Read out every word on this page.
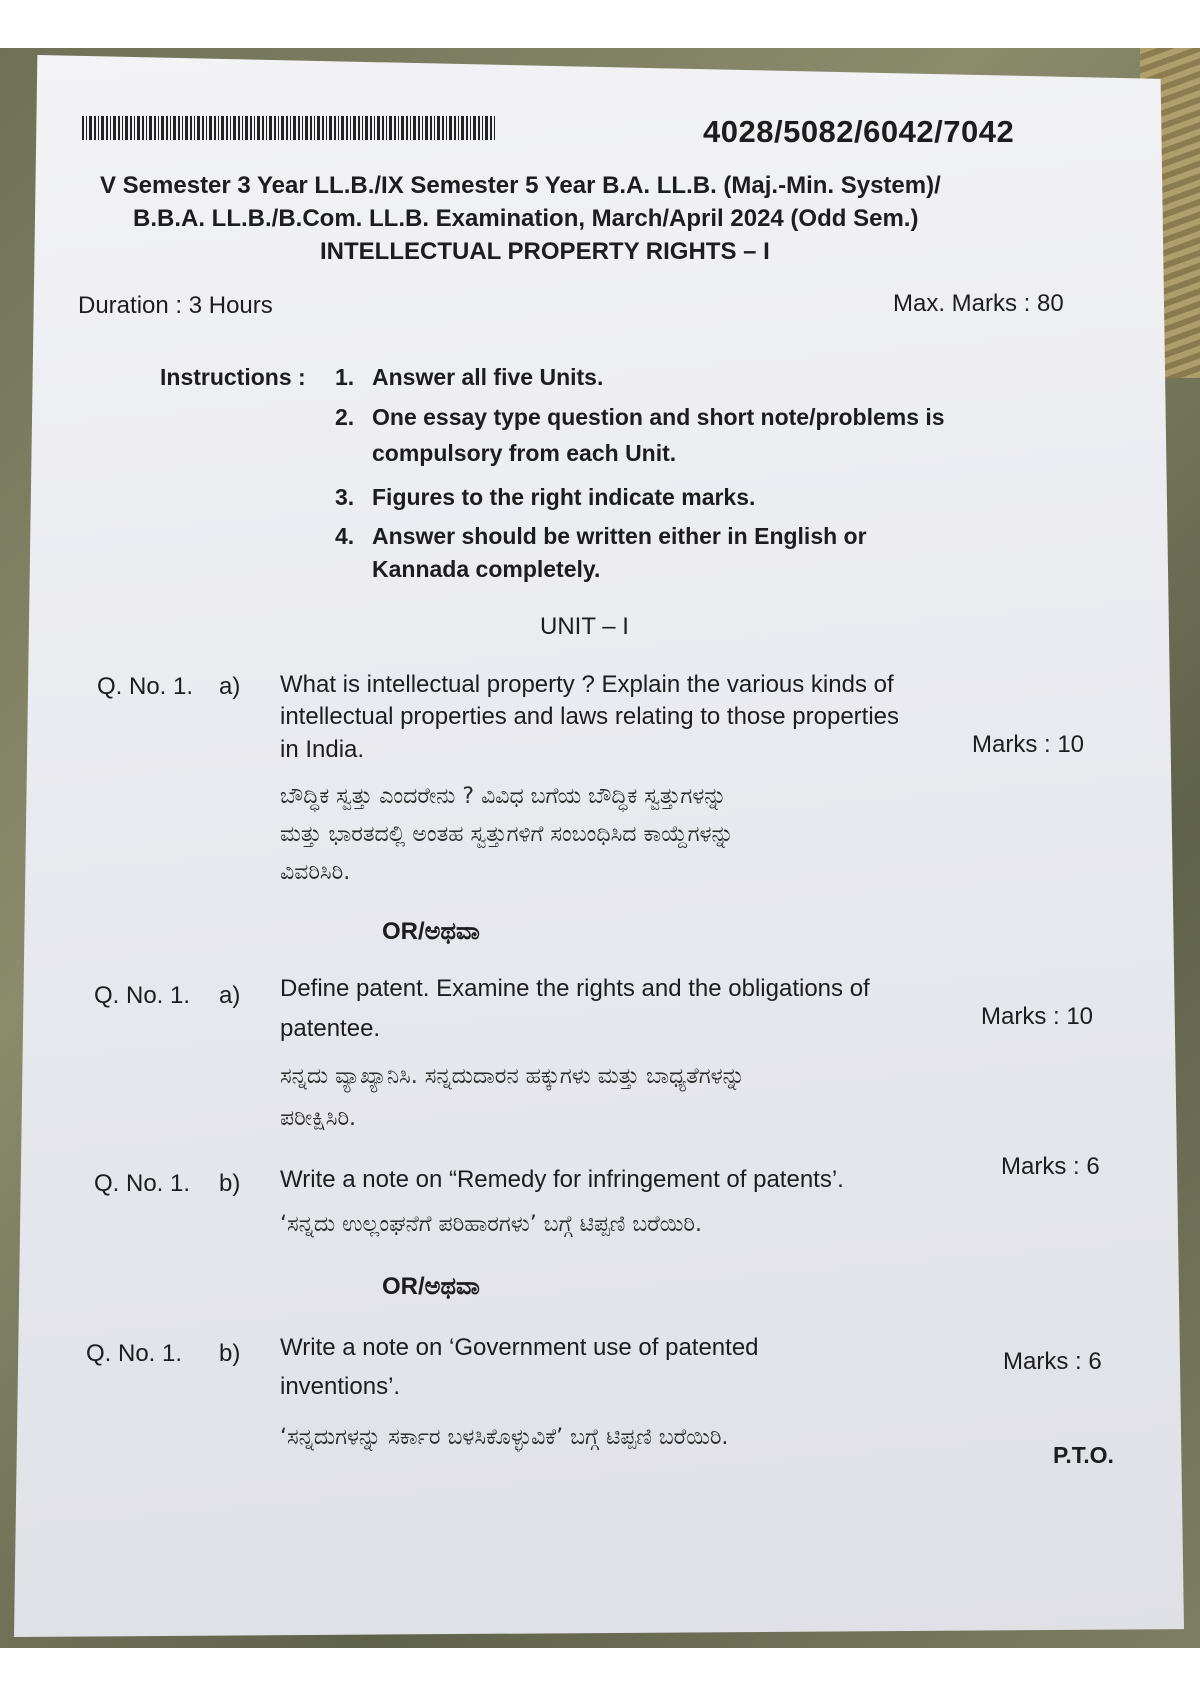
4028/5082/6042/7042
V Semester 3 Year LL.B./IX Semester 5 Year B.A. LL.B. (Maj.-Min. System)/
B.B.A. LL.B./B.Com. LL.B. Examination, March/April 2024 (Odd Sem.)
INTELLECTUAL PROPERTY RIGHTS – I
Duration : 3 Hours	Max. Marks : 80
Instructions : 1. Answer all five Units.
2. One essay type question and short note/problems is
compulsory from each Unit.
3. Figures to the right indicate marks.
4. Answer should be written either in English or
Kannada completely.
UNIT – I
Q. No. 1. a) What is intellectual property ? Explain the various kinds of
intellectual properties and laws relating to those properties
in India.	Marks : 10
ಬೌದ್ಧಿಕ ಸ್ವತ್ತು ಎಂದರೇನು ? ವಿವಿಧ ಬಗೆಯ ಬೌದ್ಧಿಕ ಸ್ವತ್ತುಗಳನ್ನು
ಮತ್ತು ಭಾರತದಲ್ಲಿ ಅಂತಹ ಸ್ವತ್ತುಗಳಿಗೆ ಸಂಬಂಧಿಸಿದ ಕಾಯ್ದೆಗಳನ್ನು
ವಿವರಿಸಿರಿ.
OR/ಅಥವಾ
Q. No. 1. a) Define patent. Examine the rights and the obligations of
patentee.	Marks : 10
ಸನ್ನದು ವ್ಯಾಖ್ಯಾನಿಸಿ. ಸನ್ನದುದಾರನ ಹಕ್ಕುಗಳು ಮತ್ತು ಬಾಧ್ಯತೆಗಳನ್ನು
ಪರೀಕ್ಷಿಸಿರಿ.
Q. No. 1. b) Write a note on “Remedy for infringement of patents’.	Marks : 6
‘ಸನ್ನದು ಉಲ್ಲಂಘನೆಗೆ ಪರಿಹಾರಗಳು’ ಬಗ್ಗೆ ಟಿಪ್ಪಣಿ ಬರೆಯಿರಿ.
OR/ಅಥವಾ
Q. No. 1. b) Write a note on ‘Government use of patented
inventions’.
Marks : 6
‘ಸನ್ನದುಗಳನ್ನು ಸರ್ಕಾರ ಬಳಸಿಕೊಳ್ಳುವಿಕೆ’ ಬಗ್ಗೆ ಟಿಪ್ಪಣಿ ಬರೆಯಿರಿ.
P.T.O.
